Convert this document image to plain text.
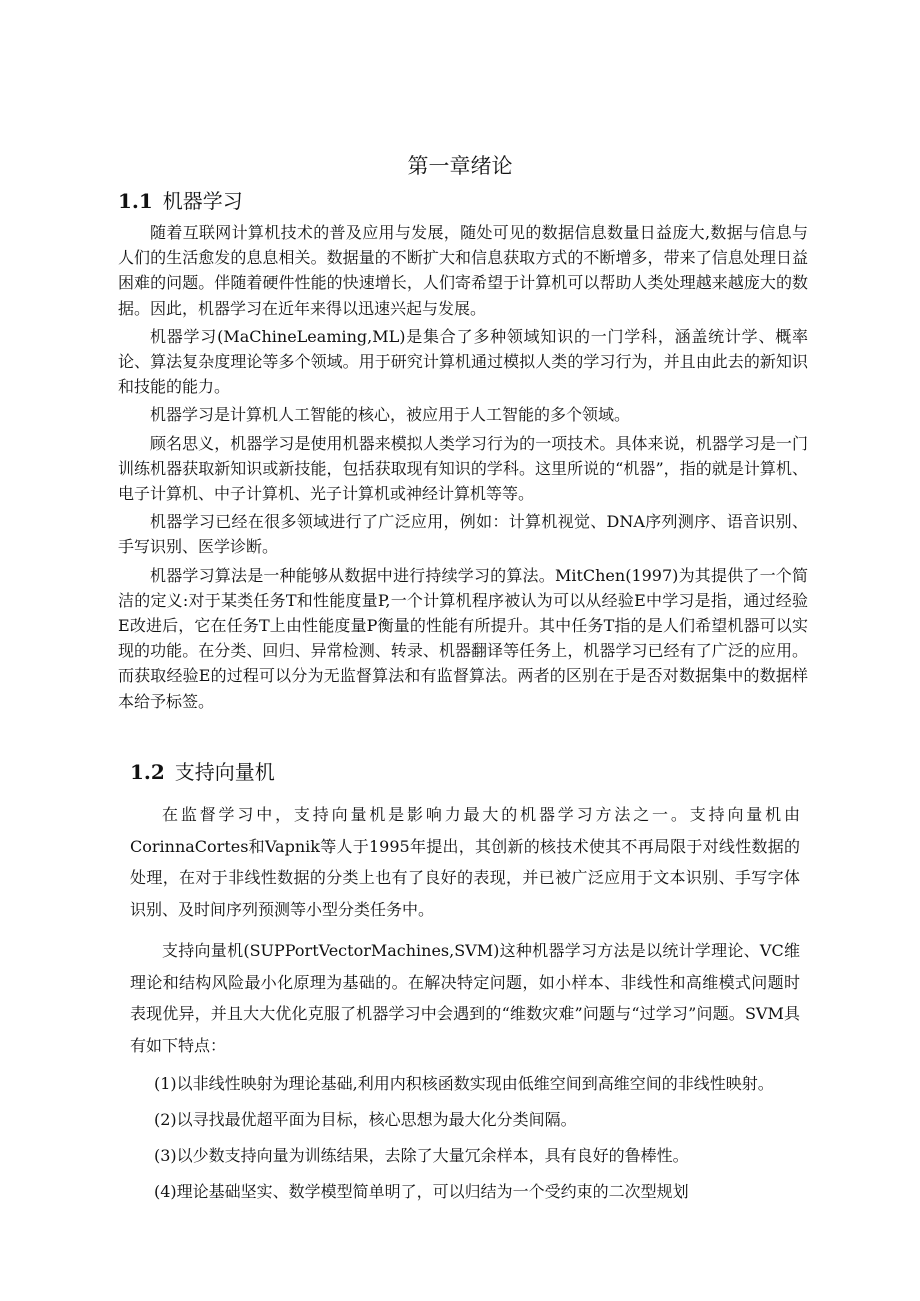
第一章绪论
1.1 机器学习

随着互联网计算机技术的普及应用与发展，随处可见的数据信息数量日益庞大,数据与信息与人们的生活愈发的息息相关。数据量的不断扩大和信息获取方式的不断增多，带来了信息处理日益困难的问题。伴随着硬件性能的快速增长，人们寄希望于计算机可以帮助人类处理越来越庞大的数据。因此，机器学习在近年来得以迅速兴起与发展。

机器学习(MaChineLeaming,ML)是集合了多种领域知识的一门学科，涵盖统计学、概率论、算法复杂度理论等多个领域。用于研究计算机通过模拟人类的学习行为，并且由此去的新知识和技能的能力。

机器学习是计算机人工智能的核心，被应用于人工智能的多个领域。

顾名思义，机器学习是使用机器来模拟人类学习行为的一项技术。具体来说，机器学习是一门训练机器获取新知识或新技能，包括获取现有知识的学科。这里所说的“机器”，指的就是计算机、电子计算机、中子计算机、光子计算机或神经计算机等等。

机器学习已经在很多领域进行了广泛应用，例如：计算机视觉、DNA序列测序、语音识别、手写识别、医学诊断。

机器学习算法是一种能够从数据中进行持续学习的算法。MitChen(1997)为其提供了一个简洁的定义:对于某类任务T和性能度量P,一个计算机程序被认为可以从经验E中学习是指，通过经验E改进后，它在任务T上由性能度量P衡量的性能有所提升。其中任务T指的是人们希望机器可以实现的功能。在分类、回归、异常检测、转录、机器翻译等任务上，机器学习已经有了广泛的应用。而获取经验E的过程可以分为无监督算法和有监督算法。两者的区别在于是否对数据集中的数据样本给予标签。

1.2 支持向量机

在监督学习中，支持向量机是影响力最大的机器学习方法之一。支持向量机由CorinnaCortes和Vapnik等人于1995年提出，其创新的核技术使其不再局限于对线性数据的处理，在对于非线性数据的分类上也有了良好的表现，并已被广泛应用于文本识别、手写字体识别、及时间序列预测等小型分类任务中。

支持向量机(SUPPortVectorMachines,SVM)这种机器学习方法是以统计学理论、VC维理论和结构风险最小化原理为基础的。在解决特定问题，如小样本、非线性和高维模式问题时表现优异，并且大大优化克服了机器学习中会遇到的“维数灾难”问题与“过学习”问题。SVM具有如下特点：

(1)以非线性映射为理论基础,利用内积核函数实现由低维空间到高维空间的非线性映射。
(2)以寻找最优超平面为目标，核心思想为最大化分类间隔。
(3)以少数支持向量为训练结果，去除了大量冗余样本，具有良好的鲁棒性。
(4)理论基础坚实、数学模型简单明了，可以归结为一个受约束的二次型规划
